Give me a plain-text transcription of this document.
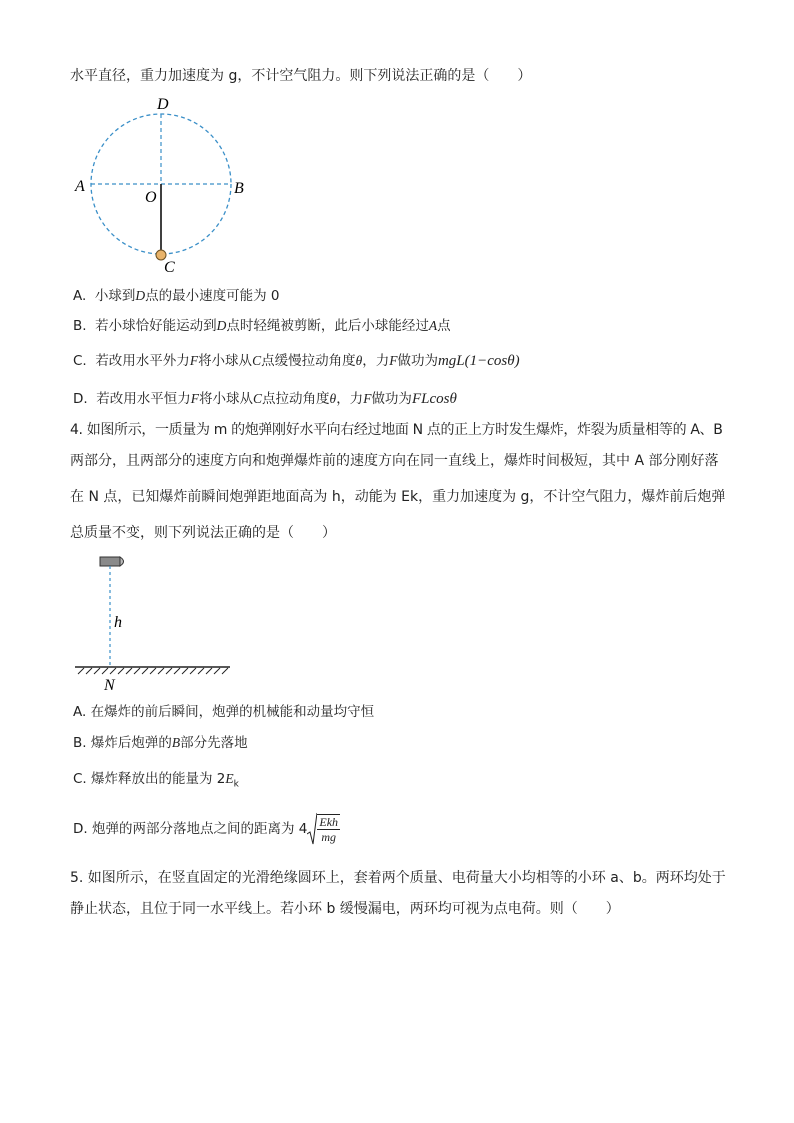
水平直径，重力加速度为 g，不计空气阻力。则下列说法正确的是（　　）
D
A
O
B
C
A. 小球到D点的最小速度可能为 0
B. 若小球恰好能运动到D点时轻绳被剪断，此后小球能经过A点
C. 若改用水平外力F将小球从C点缓慢拉动角度θ，力F做功为mgL(1−cosθ)
D. 若改用水平恒力F将小球从C点拉动角度θ，力F做功为FLcosθ
4. 如图所示，一质量为 m 的炮弹刚好水平向右经过地面 N 点的正上方时发生爆炸，炸裂为质量相等的 A、B
两部分，且两部分的速度方向和炮弹爆炸前的速度方向在同一直线上，爆炸时间极短，其中 A 部分刚好落
在 N 点，已知爆炸前瞬间炮弹距地面高为 h，动能为 Ek，重力加速度为 g，不计空气阻力，爆炸前后炮弹
总质量不变，则下列说法正确的是（　　）
h
N
A. 在爆炸的前后瞬间，炮弹的机械能和动量均守恒
B. 爆炸后炮弹的B部分先落地
C. 爆炸释放出的能量为 $2E_k$
D. 炮弹的两部分落地点之间的距离为 $4 \frac{\text{Ekh}}{mg}$
5. 如图所示，在竖直固定的光滑绝缘圆环上，套着两个质量、电荷量大小均相等的小环 a、b。两环均处于
静止状态，且位于同一水平线上。若小环 b 缓慢漏电，两环均可视为点电荷。则（　　）
